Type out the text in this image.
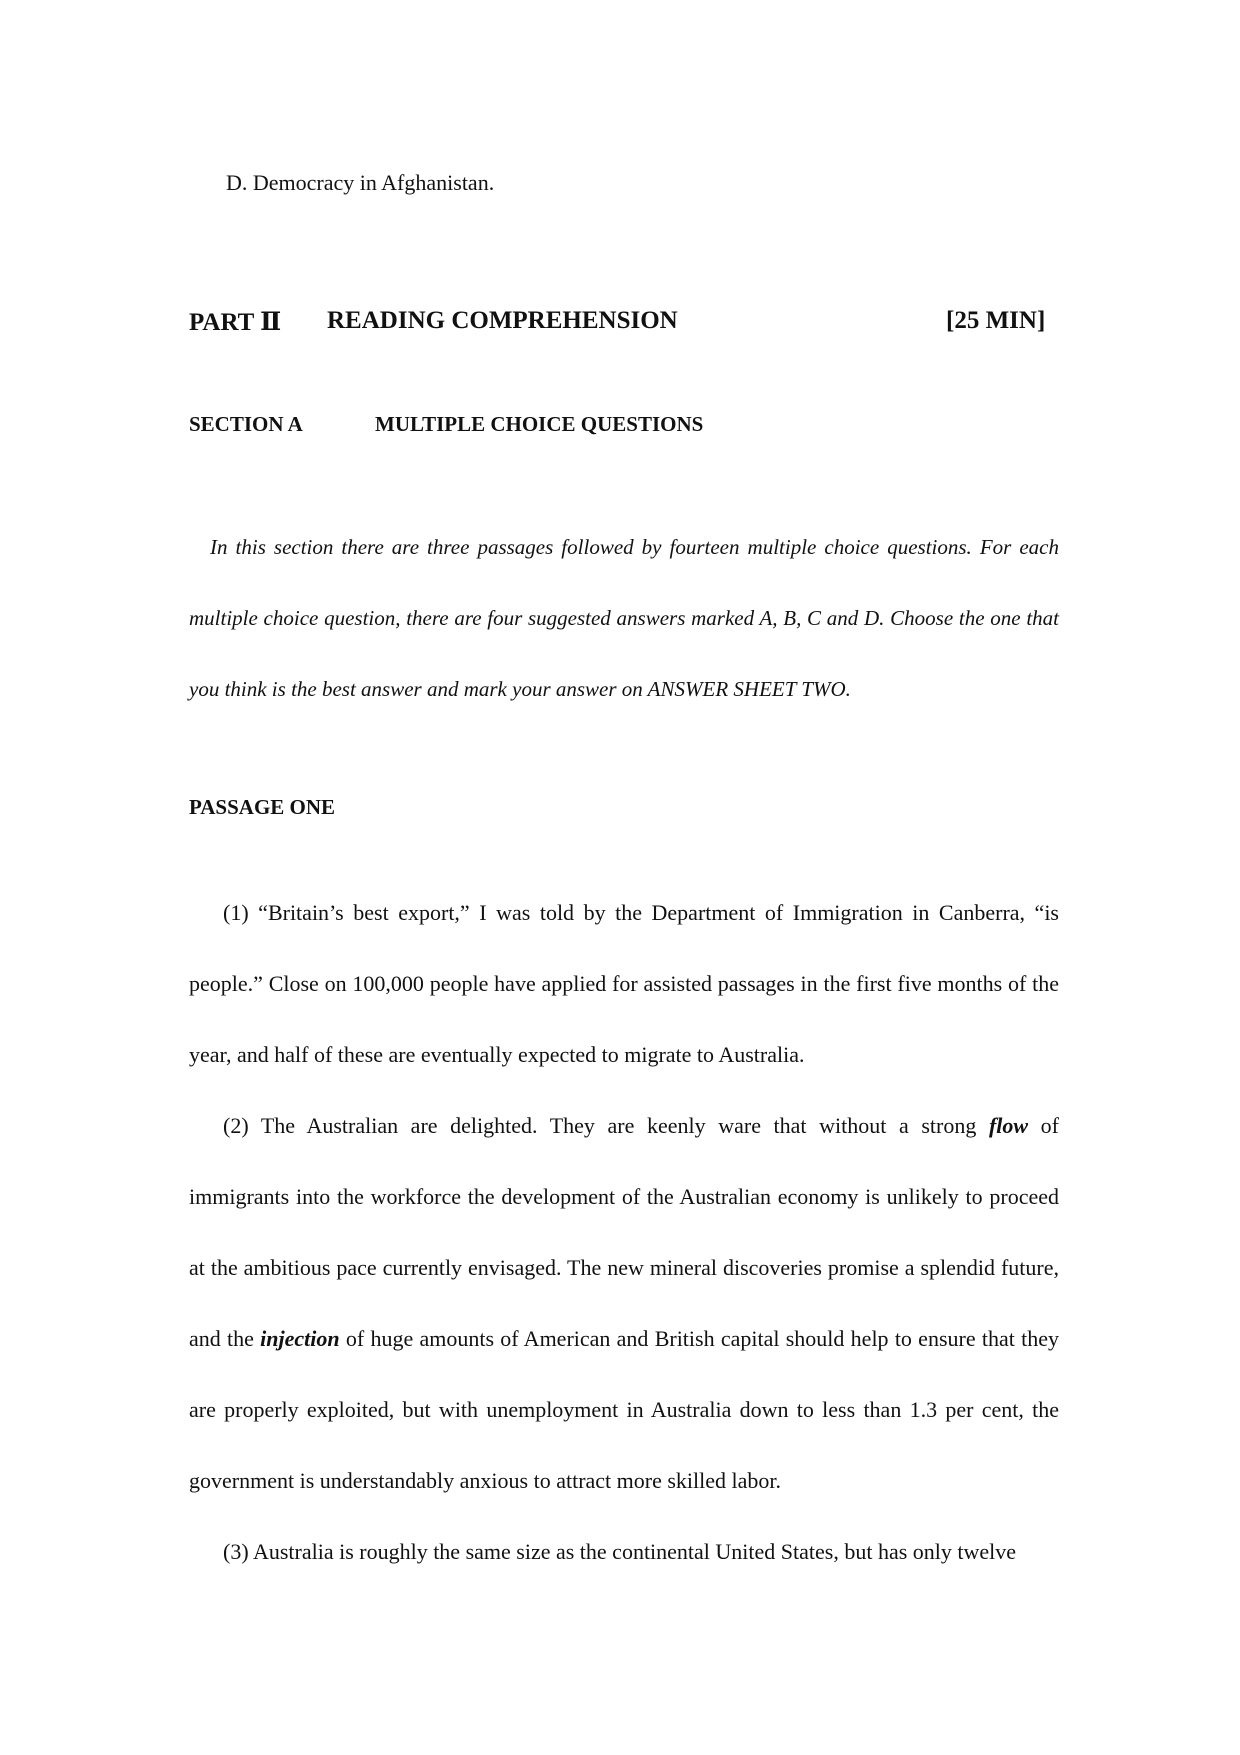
D. Democracy in Afghanistan.
PART Ⅱ READING COMPREHENSION	[25 MIN]
SECTION A	MULTIPLE CHOICE QUESTIONS

In this section there are three passages followed by fourteen multiple choice questions. For each multiple choice question, there are four suggested answers marked A, B, C and D. Choose the one that you think is the best answer and mark your answer on ANSWER SHEET TWO.

PASSAGE ONE

(1) “Britain’s best export,” I was told by the Department of Immigration in Canberra, “is people.” Close on 100,000 people have applied for assisted passages in the first five months of the year, and half of these are eventually expected to migrate to Australia.

(2) The Australian are delighted. They are keenly ware that without a strong flow of immigrants into the workforce the development of the Australian economy is unlikely to proceed at the ambitious pace currently envisaged. The new mineral discoveries promise a splendid future, and the injection of huge amounts of American and British capital should help to ensure that they are properly exploited, but with unemployment in Australia down to less than 1.3 per cent, the government is understandably anxious to attract more skilled labor.

(3) Australia is roughly the same size as the continental United States, but has only twelve
